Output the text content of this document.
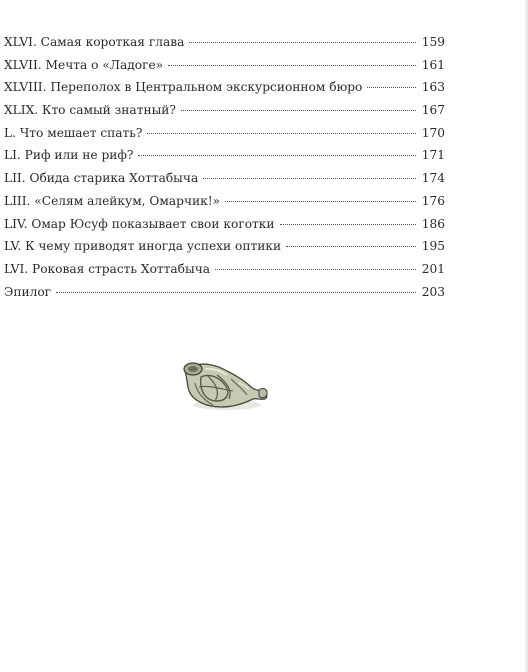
XLVI. Самая короткая глава	159
XLVII. Мечта о «Ладоге»	161
XLVIII. Переполох в Центральном экскурсионном бюро	163
XLIX. Кто самый знатный?	167
L. Что мешает спать?	170
LI. Риф или не риф?	171
LII. Обида старика Хоттабыча	174
LIII. «Селям алейкум, Омарчик!»	176
LIV. Омар Юсуф показывает свои коготки	186
LV. К чему приводят иногда успехи оптики	195
LVI. Роковая страсть Хоттабыча	201
Эпилог	203
